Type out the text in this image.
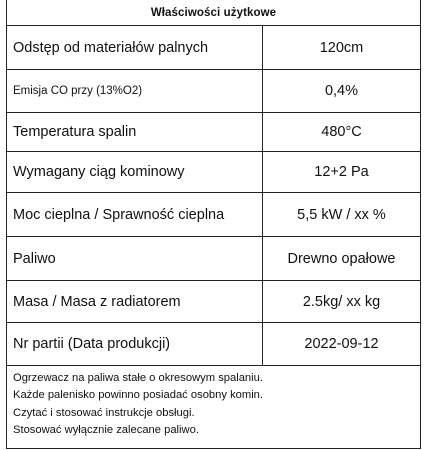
Właściwości użytkowe
Odstęp od materiałów palnych	120cm
Emisja CO przy (13%O2)	0,4%
Temperatura spalin	480°C
Wymagany ciąg kominowy	12+2 Pa
Moc cieplna / Sprawność cieplna	5,5 kW / xx %
Paliwo	Drewno opałowe
Masa / Masa z radiatorem	2.5kg/ xx kg
Nr partii (Data produkcji)	2022-09-12
Ogrzewacz na paliwa stałe o okresowym spalaniu.
Każde palenisko powinno posiadać osobny komin.
Czytać i stosować instrukcje obsługi.
Stosować wyłącznie zalecane paliwo.
